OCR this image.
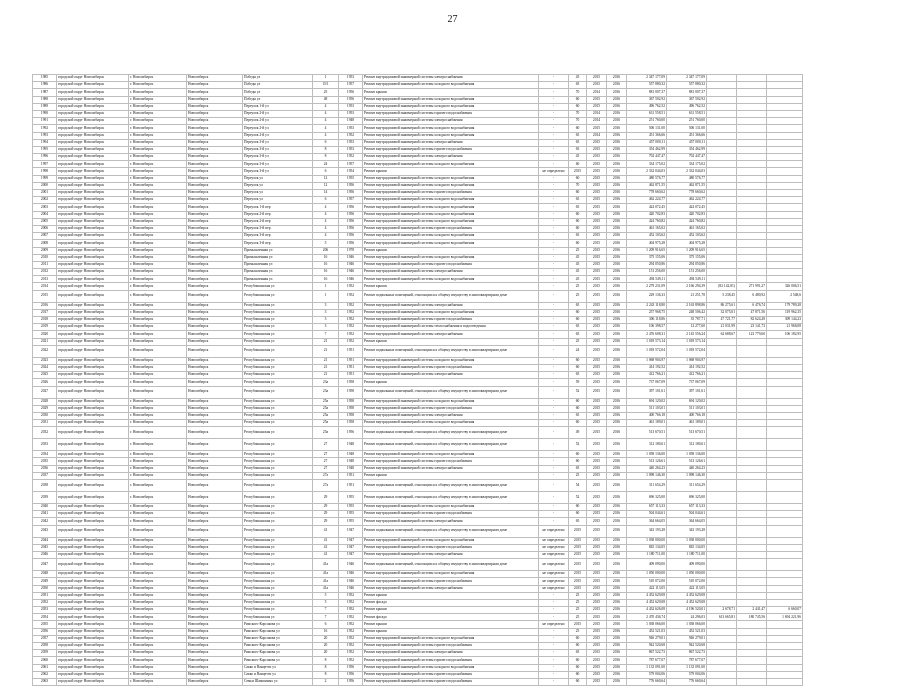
27
1985	городской округ Новосибирск	г. Новосибирск	Новосибирск	Победы ул	1	1953	Ремонт внутридомовой инженерной системы электроснабжения	-	45	2015	2016	2 347 177,09	2 347 177,09			
1986	городской округ Новосибирск	г. Новосибирск	Новосибирск	Победы ул	15/1	1957	Ремонт внутридомовой инженерной системы холодного водоснабжения	-	65	2015	2016	557 880,32	557 880,32			
1987	городской округ Новосибирск	г. Новосибирск	Новосибирск	Победы ул	25	1956	Ремонт крыши	-	70	2014	2016	881 007,37	881 007,37			
1988	городской округ Новосибирск	г. Новосибирск	Новосибирск	Победы ул	48	1956	Ремонт внутридомовой инженерной системы холодного водоснабжения	-	60	2015	2016	367 502,92	367 502,92			
1989	городской округ Новосибирск	г. Новосибирск	Новосибирск	Переулок 1-й ул	4	1953	Ремонт внутридомовой инженерной системы холодного водоснабжения	-	60	2015	2016	496 762,52	496 762,52			
1990	городской округ Новосибирск	г. Новосибирск	Новосибирск	Переулок 2-й ул	4	1953	Ремонт внутридомовой инженерной системы горячего водоснабжения	-	70	2014	2016	631 558,51	631 558,51			
1991	городской округ Новосибирск	г. Новосибирск	Новосибирск	Переулок 2-й ул	4	1948	Ремонт внутридомовой инженерной системы электроснабжения	-	70	2014	2016	251 760,00	251 760,00			
1992	городской округ Новосибирск	г. Новосибирск	Новосибирск	Переулок 2-й ул	4	1953	Ремонт внутридомовой инженерной системы холодного водоснабжения	-	60	2015	2016	506 131,00	506 131,00			
1993	городской округ Новосибирск	г. Новосибирск	Новосибирск	Переулок 2-й ул	4	1952	Ремонт внутридомовой инженерной системы холодного водоснабжения	-	65	2014	2016	451 366,66	451 366,66			
1994	городской округ Новосибирск	г. Новосибирск	Новосибирск	Переулок 3-й ул	6	1953	Ремонт внутридомовой инженерной системы электроснабжения	-	65	2015	2016	457 000,11	457 000,11			
1995	городской округ Новосибирск	г. Новосибирск	Новосибирск	Переулок 3-й ул	8	1953	Ремонт внутридомовой инженерной системы горячего водоснабжения	-	65	2015	2016	354 462,99	354 462,99			
1996	городской округ Новосибирск	г. Новосибирск	Новосибирск	Переулок 3-й ул	8	1952	Ремонт внутридомовой инженерной системы электроснабжения	-	45	2015	2016	702 447,47	702 447,47			
1997	городской округ Новосибирск	г. Новосибирск	Новосибирск	Переулок 3-й ул	24	1957	Ремонт внутридомовой инженерной системы холодного водоснабжения	-	60	2015	2016	334 175,02	334 175,02			
1998	городской округ Новосибирск	г. Новосибирск	Новосибирск	Переулок 3-й ул	6	1954	Ремонт крыши	не определено	2015	2015	2016	2 332 044,03	2 332 044,03			
1999	городской округ Новосибирск	г. Новосибирск	Новосибирск	Переулок ул	12	1955	Ремонт внутридомовой инженерной системы холодного водоснабжения	-	60	2015	2016	480 576,77	480 576,77			
2000	городской округ Новосибирск	г. Новосибирск	Новосибирск	Переулок ул	12	1956	Ремонт внутридомовой инженерной системы холодного водоснабжения	-	70	2015	2016	462 871,55	462 871,55			
2001	городской округ Новосибирск	г. Новосибирск	Новосибирск	Переулок ул	14	1956	Ремонт внутридомовой инженерной системы горячего водоснабжения	-	60	2015	2016	778 660,62	778 660,62			
2002	городской округ Новосибирск	г. Новосибирск	Новосибирск	Переулок ул	6	1957	Ремонт внутридомовой инженерной системы холодного водоснабжения	-	65	2015	2016	462 224,77	462 224,77			
2003	городской округ Новосибирск	г. Новосибирск	Новосибирск	Переулок 1-й пер	4	1956	Ремонт внутридомовой инженерной системы холодного водоснабжения	-	65	2015	2016	424 072,45	424 072,45			
2004	городской округ Новосибирск	г. Новосибирск	Новосибирск	Переулок 2-й пер	4	1956	Ремонт внутридомовой инженерной системы холодного водоснабжения	-	60	2015	2016	420 702,83	420 702,83			
2005	городской округ Новосибирск	г. Новосибирск	Новосибирск	Переулок 2-й пер	4	1956	Ремонт внутридомовой инженерной системы холодного водоснабжения	-	60	2015	2016	424 760,82	424 760,82			
2006	городской округ Новосибирск	г. Новосибирск	Новосибирск	Переулок 3-й пер	4	1956	Ремонт внутридомовой инженерной системы горячего водоснабжения	-	60	2015	2016	461 165,02	461 165,02			
2007	городской округ Новосибирск	г. Новосибирск	Новосибирск	Переулок 3-й пер	4	1956	Ремонт внутридомовой инженерной системы холодного водоснабжения	-	65	2015	2016	452 103,62	452 103,62			
2008	городской округ Новосибирск	г. Новосибирск	Новосибирск	Переулок 3-й пер	5	1956	Ремонт внутридомовой инженерной системы холодного водоснабжения	-	60	2015	2016	404 975,28	404 975,28			
2009	городской округ Новосибирск	г. Новосибирск	Новосибирск	Промышленная ул	206	1978	Ремонт крыши	-	25	2015	2016	1 209 916,65	1 209 916,65			
2010	городской округ Новосибирск	г. Новосибирск	Новосибирск	Промышленная ул	16	1946	Ремонт внутридомовой инженерной системы холодного водоснабжения	-	45	2015	2016	375 155,06	375 155,06			
2011	городской округ Новосибирск	г. Новосибирск	Новосибирск	Промышленная ул	16	1946	Ремонт внутридомовой инженерной системы горячего водоснабжения	-	45	2015	2016	294 050,86	294 050,86			
2012	городской округ Новосибирск	г. Новосибирск	Новосибирск	Промышленная ул	16	1946	Ремонт внутридомовой инженерной системы электроснабжения	-	45	2015	2016	151 256,00	151 256,00			
2013	городской округ Новосибирск	г. Новосибирск	Новосибирск	Промышленная ул	16	1946	Ремонт внутридомовой инженерной системы холодного водоснабжения	-	45	2015	2016	494 549,11	494 549,11			
2014	городской округ Новосибирск	г. Новосибирск	Новосибирск	Республиканская ул	1	1952	Ремонт крыши	-	25	2015	2016	2 279 231,09	2 166 294,39	(82 142,81)	271 991,27	326 006,51
2015	городской округ Новосибирск	г. Новосибирск	Новосибирск	Республиканская ул	1	1952	Ремонт подвальных помещений, относящихся к общему имуществу в многоквартирном доме	-	25	2015	2016	229 136,33	21 251,78	5 238,45	6 480,92	2 548,6
2016	городской округ Новосибирск	г. Новосибирск	Новосибирск	Республиканская ул	3	1952	Ремонт внутридомовой инженерной системы электроснабжения	-	65	2015	2016	2 243 118,80	2 163 898,86	86 275,61	6 476,74	179 789,28
2017	городской округ Новосибирск	г. Новосибирск	Новосибирск	Республиканская ул	3	1952	Ремонт внутридомовой инженерной системы холодного водоснабжения	-	60	2015	2016	257 968,75	248 506,42	32 075,01	47 871,56	119 962,35
2018	городской округ Новосибирск	г. Новосибирск	Новосибирск	Республиканская ул	3	1952	Ремонт внутридомовой инженерной системы горячего водоснабжения	-	60	2015	2016	306 118,86	35 787,71	47 721,77	82 624,28	309 144,23
2019	городской округ Новосибирск	г. Новосибирск	Новосибирск	Республиканская ул	3	1952	Ремонт внутридомовой инженерной системы теплоснабжения и водоотведения	-	65	2015	2016	106 398,57	12 277,60	21 031,99	23 141,73	21 968,08
2020	городской округ Новосибирск	г. Новосибирск	Новосибирск	Республиканская ул	7	1952	Ремонт внутридомовой инженерной системы электроснабжения	-	65	2015	2016	2 476 608,31	2 145 556,24	62 688,67	123 779,60	106 182,95
2021	городской округ Новосибирск	г. Новосибирск	Новосибирск	Республиканская ул	21	1952	Ремонт крыши	-	25	2015	2016	1 018 573,14	1 018 573,14			
2022	городской округ Новосибирск	г. Новосибирск	Новосибирск	Республиканская ул	21	1951	Ремонт подвальных помещений, относящихся к общему имуществу в многоквартирном доме	-	24	2015	2016	1 018 572,04	1 018 572,04			
2023	городской округ Новосибирск	г. Новосибирск	Новосибирск	Республиканская ул	21	1951	Ремонт внутридомовой инженерной системы холодного водоснабжения	-	60	2015	2016	1 068 904,97	1 068 904,97			
2024	городской округ Новосибирск	г. Новосибирск	Новосибирск	Республиканская ул	21	1951	Ремонт внутридомовой инженерной системы горячего водоснабжения	-	60	2015	2016	414 192,52	414 192,52			
2025	городской округ Новосибирск	г. Новосибирск	Новосибирск	Республиканская ул	21	1951	Ремонт внутридомовой инженерной системы электроснабжения	-	65	2015	2016	412 766,21	412 766,21			
2026	городской округ Новосибирск	г. Новосибирск	Новосибирск	Республиканская ул	23а	1958	Ремонт крыши	-	59	2015	2016	737 067,09	737 067,09			
2027	городской округ Новосибирск	г. Новосибирск	Новосибирск	Республиканская ул	23а	1958	Ремонт подвальных помещений, относящихся к общему имуществу в многоквартирном доме	-	52	2015	2016	397 101,61	397 101,61			
2028	городской округ Новосибирск	г. Новосибирск	Новосибирск	Республиканская ул	25а	1958	Ремонт внутридомовой инженерной системы холодного водоснабжения	-	60	2015	2016	694 120,02	694 120,02			
2029	городской округ Новосибирск	г. Новосибирск	Новосибирск	Республиканская ул	25а	1958	Ремонт внутридомовой инженерной системы горячего водоснабжения	-	60	2015	2016	511 103,01	511 103,01			
2030	городской округ Новосибирск	г. Новосибирск	Новосибирск	Республиканская ул	25а	1958	Ремонт внутридомовой инженерной системы электроснабжения	-	65	2015	2016	400 766,18	400 766,18			
2031	городской округ Новосибирск	г. Новосибирск	Новосибирск	Республиканская ул	25а	1958	Ремонт внутридомовой инженерной системы холодного водоснабжения	-	60	2015	2016	461 189,01	461 189,01			
2032	городской округ Новосибирск	г. Новосибирск	Новосибирск	Республиканская ул	25а	1956	Ремонт подвальных помещений, относящихся к общему имуществу в многоквартирном доме	-	49	2015	2016	513 670,51	513 670,51			
2033	городской округ Новосибирск	г. Новосибирск	Новосибирск	Республиканская ул	27	1948	Ремонт подвальных помещений, относящихся к общему имуществу в многоквартирном доме	-	52	2015	2016	312 180,61	312 180,61			
2034	городской округ Новосибирск	г. Новосибирск	Новосибирск	Республиканская ул	27	1948	Ремонт внутридомовой инженерной системы холодного водоснабжения	-	60	2015	2016	1 058 136,00	1 058 136,00			
2035	городской округ Новосибирск	г. Новосибирск	Новосибирск	Республиканская ул	27	1948	Ремонт внутридомовой инженерной системы горячего водоснабжения	-	60	2015	2016	513 126,61	513 126,61			
2036	городской округ Новосибирск	г. Новосибирск	Новосибирск	Республиканская ул	27	1948	Ремонт внутридомовой инженерной системы электроснабжения	-	65	2015	2016	440 264,23	440 264,23			
2037	городской округ Новосибирск	г. Новосибирск	Новосибирск	Республиканская ул	27а	1951	Ремонт крыши	-	25	2015	2016	1 098 146,30	1 098 146,30			
2038	городской округ Новосибирск	г. Новосибирск	Новосибирск	Республиканская ул	27а	1951	Ремонт подвальных помещений, относящихся к общему имуществу в многоквартирном доме	-	54	2015	2016	311 654,29	311 654,29			
2039	городской округ Новосибирск	г. Новосибирск	Новосибирск	Республиканская ул	29	1955	Ремонт подвальных помещений, относящихся к общему имуществу в многоквартирном доме	-	52	2015	2016	696 325,00	696 325,00			
2040	городской округ Новосибирск	г. Новосибирск	Новосибирск	Республиканская ул	29	1955	Ремонт внутридомовой инженерной системы холодного водоснабжения	-	60	2015	2016	657 113,33	657 113,33			
2041	городской округ Новосибирск	г. Новосибирск	Новосибирск	Республиканская ул	29	1955	Ремонт внутридомовой инженерной системы горячего водоснабжения	-	60	2015	2016	504 044,61	504 044,61			
2042	городской округ Новосибирск	г. Новосибирск	Новосибирск	Республиканская ул	29	1955	Ремонт внутридомовой инженерной системы электроснабжения	-	65	2015	2016	364 664,05	364 664,05			
2043	городской округ Новосибирск	г. Новосибирск	Новосибирск	Республиканская ул	41	1947	Ремонт подвальных помещений, относящихся к общему имуществу в многоквартирном доме	не определено	2015	2015	2016	343 193,28	343 193,28			
2044	городской округ Новосибирск	г. Новосибирск	Новосибирск	Республиканская ул	41	1947	Ремонт внутридомовой инженерной системы холодного водоснабжения	не определено	2015	2015	2016	1 038 000,00	1 038 000,00			
2045	городской округ Новосибирск	г. Новосибирск	Новосибирск	Республиканская ул	41	1947	Ремонт внутридомовой инженерной системы горячего водоснабжения	не определено	2015	2015	2016	845 134,05	845 134,05			
2046	городской округ Новосибирск	г. Новосибирск	Новосибирск	Республиканская ул	41	1947	Ремонт внутридомовой инженерной системы электроснабжения	не определено	2015	2015	2016	1 180 711,00	1 180 711,00			
2047	городской округ Новосибирск	г. Новосибирск	Новосибирск	Республиканская ул	41а	1946	Ремонт подвальных помещений, относящихся к общему имуществу в многоквартирном доме	не определено	2015	2015	2016	409 090,00	409 090,00			
2048	городской округ Новосибирск	г. Новосибирск	Новосибирск	Республиканская ул	41а	1946	Ремонт внутридомовой инженерной системы холодного водоснабжения	не определено	2015	2015	2016	1 050 000,00	1 050 000,00			
2049	городской округ Новосибирск	г. Новосибирск	Новосибирск	Республиканская ул	41а	1946	Ремонт внутридомовой инженерной системы горячего водоснабжения	не определено	2015	2015	2016	510 072,00	510 072,00			
2050	городской округ Новосибирск	г. Новосибирск	Новосибирск	Республиканская ул	41а	1946	Ремонт внутридомовой инженерной системы электроснабжения	не определено	2015	2015	2016	422 113,05	422 113,05			
2051	городской округ Новосибирск	г. Новосибирск	Новосибирск	Республиканская ул	5	1952	Ремонт крыши	-	25	2015	2016	4 452 629,08	4 452 629,08			
2052	городской округ Новосибирск	г. Новосибирск	Новосибирск	Республиканская ул	5	1952	Ремонт фасада	-	25	2015	2016	4 452 629,08	4 452 629,08			
2053	городской округ Новосибирск	г. Новосибирск	Новосибирск	Республиканская ул	7	1952	Ремонт крыши	-	25	2015	2016	4 432 626,08	4 196 520,01	2 678,71	2 441,47	6 660,07
2054	городской округ Новосибирск	г. Новосибирск	Новосибирск	Республиканская ул	7	1952	Ремонт фасада	-	25	2015	2016	2 470 436,74	24 296,03	613 665,81	180 745,56	1 694 221,96
2055	городской округ Новосибирск	г. Новосибирск	Новосибирск	Римского-Корсакова ул	6	1952	Ремонт крыши	не определено	2015	2015	2016	1 038 066,00	1 038 066,00			
2056	городской округ Новосибирск	г. Новосибирск	Новосибирск	Римского-Корсакова ул	16	1952	Ремонт крыши	-	25	2015	2016	452 521,03	452 521,03			
2057	городской округ Новосибирск	г. Новосибирск	Новосибирск	Римского-Корсакова ул	20	1952	Ремонт внутридомовой инженерной системы холодного водоснабжения	-	60	2015	2016	946 279,01	946 279,01			
2058	городской округ Новосибирск	г. Новосибирск	Новосибирск	Римского-Корсакова ул	20	1952	Ремонт внутридомовой инженерной системы горячего водоснабжения	-	60	2015	2016	942 520,68	942 520,68			
2059	городской округ Новосибирск	г. Новосибирск	Новосибирск	Римского-Корсакова ул	20	1952	Ремонт внутридомовой инженерной системы электроснабжения	-	65	2015	2016	867 522,73	867 522,73			
2060	городской округ Новосибирск	г. Новосибирск	Новосибирск	Римского-Корсакова ул	8	1952	Ремонт внутридомовой инженерной системы горячего водоснабжения	-	60	2015	2016	787 677,07	787 677,07			
2061	городской округ Новосибирск	г. Новосибирск	Новосибирск	Сакко и Ванцетти ул	8	1956	Ремонт внутридомовой инженерной системы холодного водоснабжения	-	60	2015	2016	1 133 091,00	1 133 091,00			
2062	городской округ Новосибирск	г. Новосибирск	Новосибирск	Сакко и Ванцетти ул	8	1956	Ремонт внутридомовой инженерной системы горячего водоснабжения	-	60	2015	2016	579 004,06	579 004,06			
2063	городской округ Новосибирск	г. Новосибирск	Новосибирск	Семьи Шамшиных ул	2	1956	Ремонт внутридомовой инженерной системы горячего водоснабжения	-	60	2015	2016	776 660,64	776 660,64			
